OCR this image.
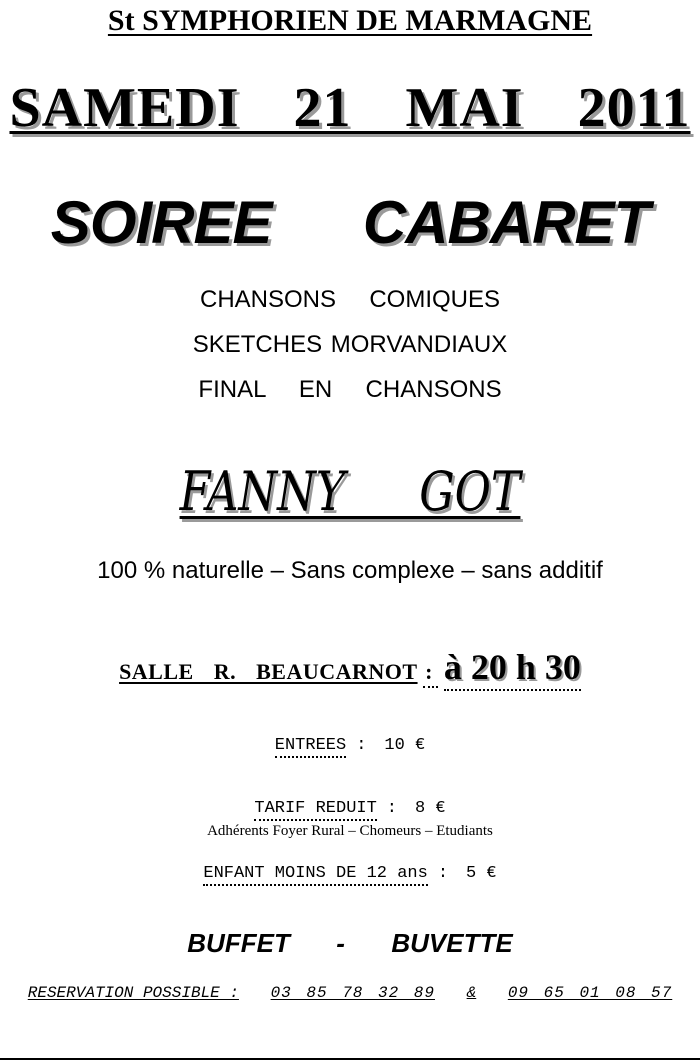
St SYMPHORIEN DE MARMAGNE
SAMEDI  21  MAI  2011
SOIREE  CABARET
CHANSONS  COMIQUES
SKETCHES MORVANDIAUX
FINAL  EN  CHANSONS
FANNY  GOT
100 % naturelle – Sans complexe – sans additif
SALLE R. BEAUCARNOT : à 20 h 30
ENTREES : 10 €
TARIF REDUIT : 8 €
Adhérents Foyer Rural – Chomeurs – Etudiants
ENFANT MOINS DE 12 ans : 5 €
BUFFET  -  BUVETTE
RESERVATION POSSIBLE : 03 85 78 32 89 & 09 65 01 08 57
